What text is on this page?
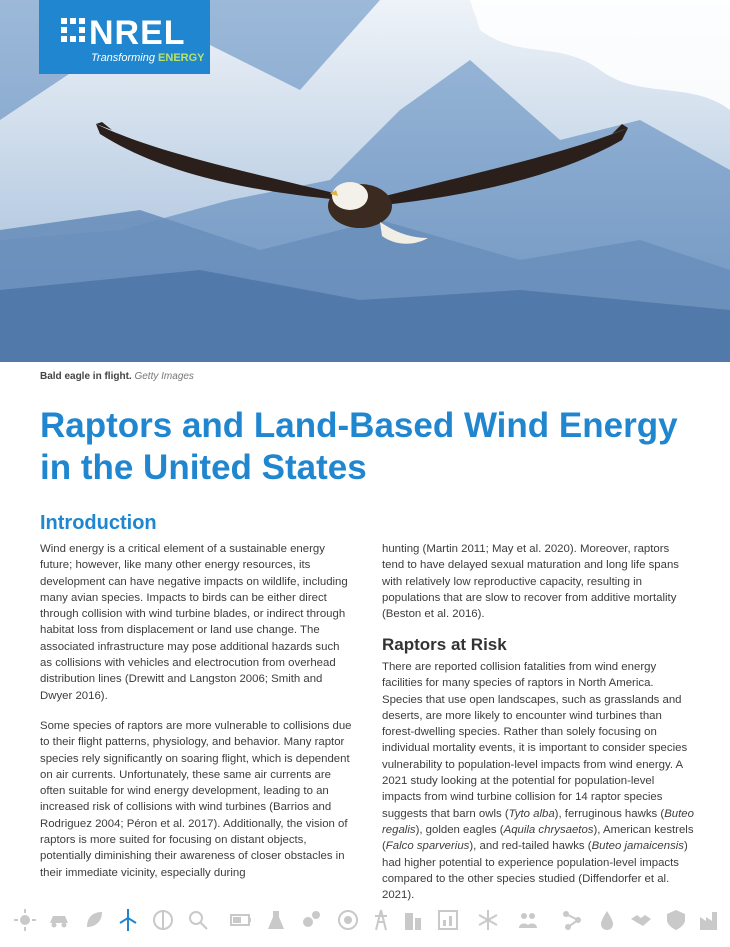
NREL
Transforming ENERGY
Bald eagle in flight. Getty Images
Raptors and Land-Based Wind Energy
in the United States
Introduction

Wind energy is a critical element of a sustainable energy future; however, like many other energy resources, its development can have negative impacts on wildlife, including many avian species. Impacts to birds can be either direct through collision with wind turbine blades, or indirect through habitat loss from displacement or land use change. The associated infrastructure may pose additional hazards such as collisions with vehicles and electrocution from overhead distribution lines (Drewitt and Langston 2006; Smith and Dwyer 2016).

Some species of raptors are more vulnerable to collisions due to their flight patterns, physiology, and behavior. Many raptor species rely significantly on soaring flight, which is dependent on air currents. Unfortunately, these same air currents are often suitable for wind energy development, leading to an increased risk of collisions with wind turbines (Barrios and Rodriguez 2004; Péron et al. 2017). Additionally, the vision of raptors is more suited for focusing on distant objects, potentially diminishing their awareness of closer obstacles in their immediate vicinity, especially during

hunting (Martin 2011; May et al. 2020). Moreover, raptors tend to have delayed sexual maturation and long life spans with relatively low reproductive capacity, resulting in populations that are slow to recover from additive mortality (Beston et al. 2016).

Raptors at Risk

There are reported collision fatalities from wind energy facilities for many species of raptors in North America. Species that use open landscapes, such as grasslands and deserts, are more likely to encounter wind turbines than forest-dwelling species. Rather than solely focusing on individual mortality events, it is important to consider species vulnerability to population-level impacts from wind energy. A 2021 study looking at the potential for population-level impacts from wind turbine collision for 14 raptor species suggests that barn owls (Tyto alba), ferruginous hawks (Buteo regalis), golden eagles (Aquila chrysaetos), American kestrels (Falco sparverius), and red-tailed hawks (Buteo jamaicensis) had higher potential to experience population-level impacts compared to the other species studied (Diffendorfer et al. 2021).
